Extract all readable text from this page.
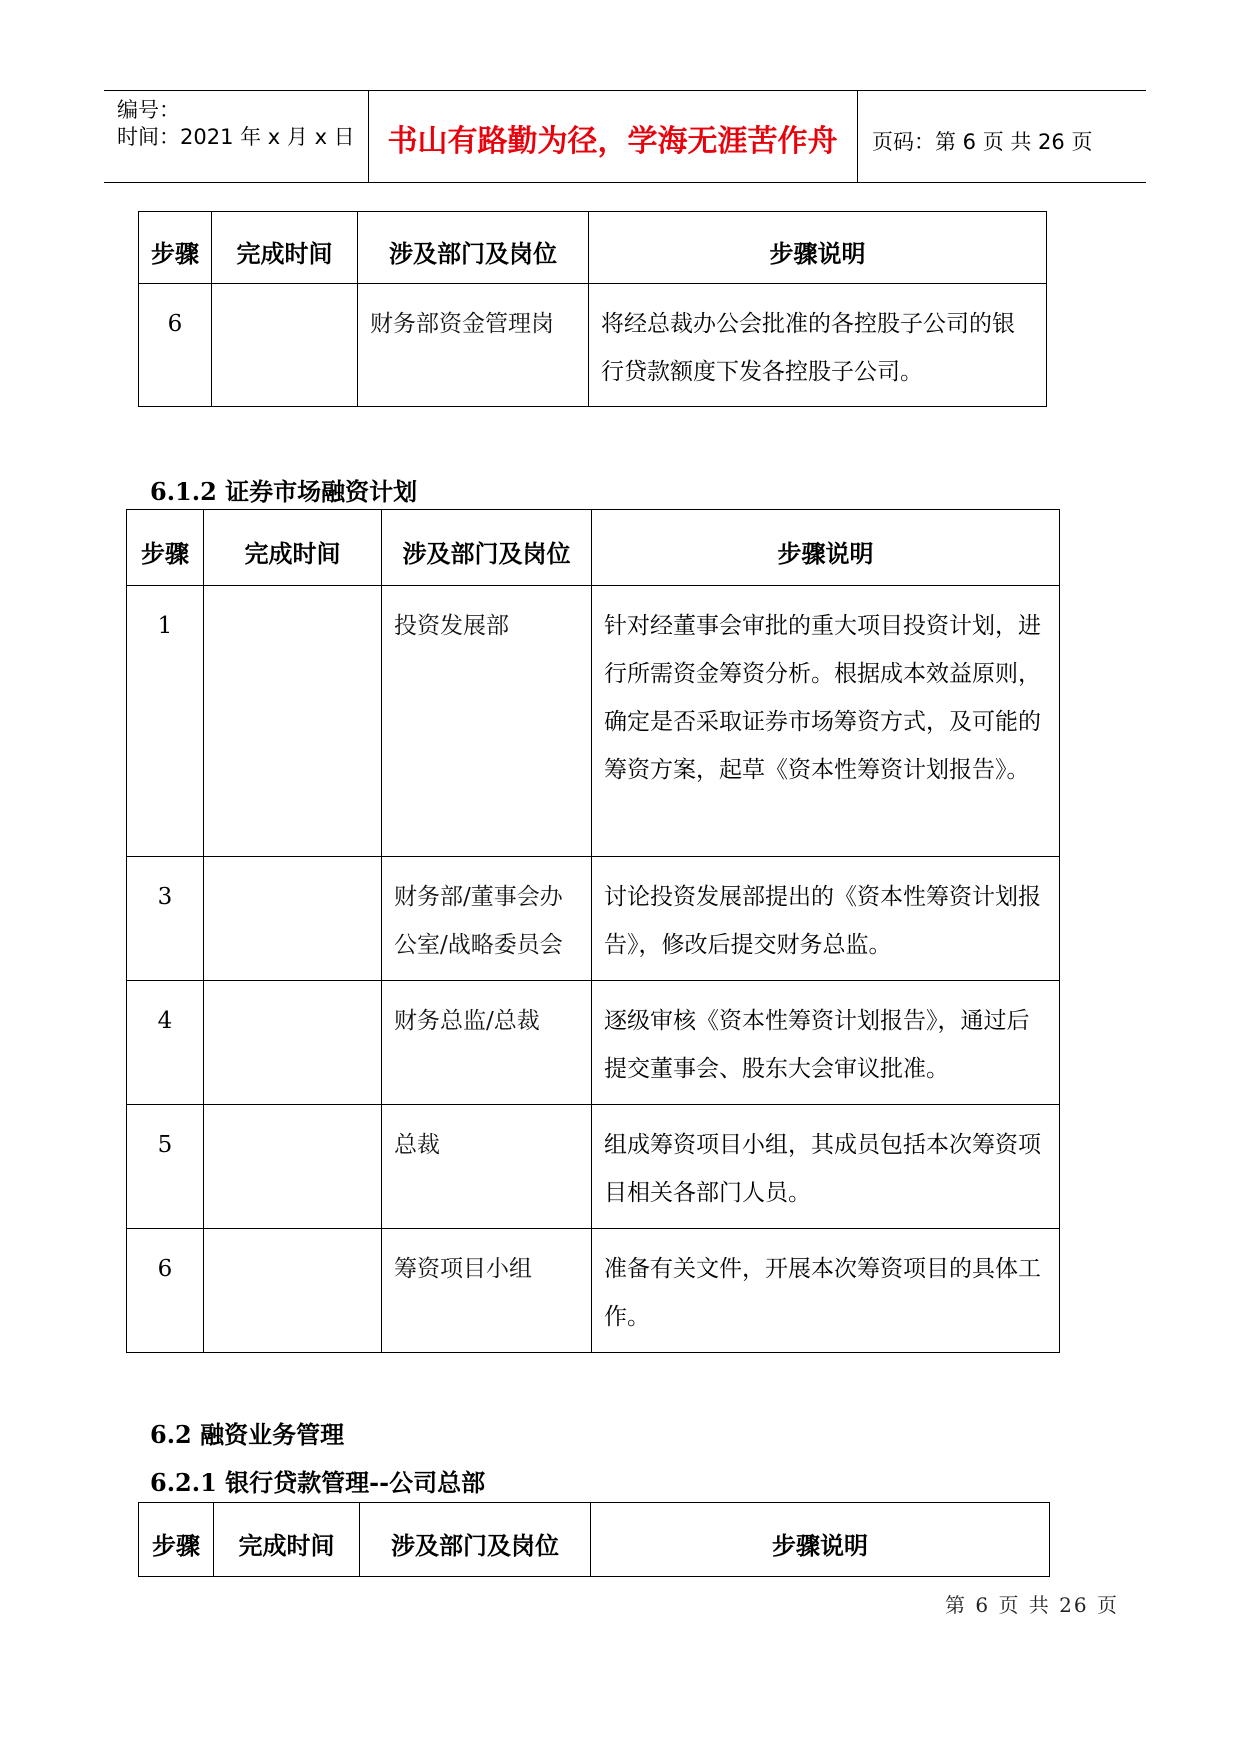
编号：
时间：2021 年 x 月 x 日	书山有路勤为径，学海无涯苦作舟	页码：第 6 页 共 26 页
步骤	完成时间	涉及部门及岗位	步骤说明
6		财务部资金管理岗	将经总裁办公会批准的各控股子公司的银行贷款额度下发各控股子公司。
6.1.2 证券市场融资计划
步骤	完成时间	涉及部门及岗位	步骤说明
1		投资发展部	针对经董事会审批的重大项目投资计划，进行所需资金筹资分析。根据成本效益原则，确定是否采取证券市场筹资方式，及可能的筹资方案，起草《资本性筹资计划报告》。
3		财务部/董事会办公室/战略委员会	讨论投资发展部提出的《资本性筹资计划报告》，修改后提交财务总监。
4		财务总监/总裁	逐级审核《资本性筹资计划报告》，通过后提交董事会、股东大会审议批准。
5		总裁	组成筹资项目小组，其成员包括本次筹资项目相关各部门人员。
6		筹资项目小组	准备有关文件，开展本次筹资项目的具体工作。
6.2 融资业务管理
6.2.1 银行贷款管理--公司总部
步骤	完成时间	涉及部门及岗位	步骤说明
第 6 页 共 26 页
